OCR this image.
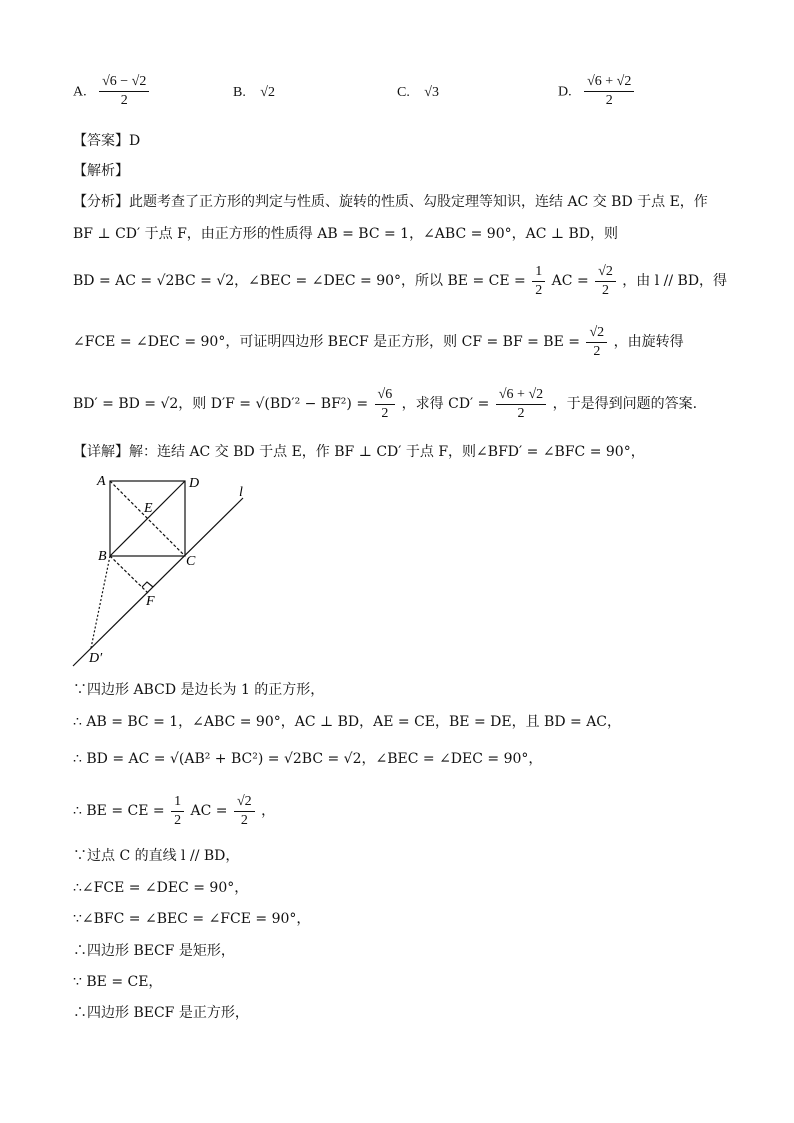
A. $\frac{√6 - √2}{2}$	B. √2	C. √3	D. $\frac{√6 + √2}{2}$
【答案】D
【解析】
【分析】此题考查了正方形的判定与性质、旋转的性质、勾股定理等知识，连结 AC 交 BD 于点 E，作
BF ⊥ CD′ 于点 F，由正方形的性质得 AB = BC = 1，∠ABC = 90°，AC ⊥ BD，则
BD = AC = √2BC = √2，∠BEC = ∠DEC = 90°，所以 BE = CE = $\frac{1}{2}$ AC = $\frac{√2}{2}$ ，由 l // BD，得
∠FCE = ∠DEC = 90°，可证明四边形 BECF 是正方形，则 CF = BF = BE = $\frac{√2}{2}$ ，由旋转得
BD′ = BD = √2，则 $D'F = √(BD'^2 - BF^2) = \frac{√6}{2}$ ，求得 $CD' = \frac{√6 + √2}{2}$ ，于是得到问题的答案.
【详解】解：连结 AC 交 BD 于点 E，作 BF ⊥ CD′ 于点 F，则∠BFD′ = ∠BFC = 90°，
A	D
E
l
B	C
F
D′
∵四边形 ABCD 是边长为 1 的正方形，
∴ AB = BC = 1，∠ABC = 90°，AC ⊥ BD，AE = CE，BE = DE，且 BD = AC，
∴ BD = AC = √(AB² + BC²) = √2BC = √2，∠BEC = ∠DEC = 90°，
∴ BE = CE = $\frac{1}{2}$ AC = $\frac{√2}{2}$ ，
∵过点 C 的直线 l // BD，
∴∠FCE = ∠DEC = 90°，
∵∠BFC = ∠BEC = ∠FCE = 90°，
∴四边形 BECF 是矩形，
∵ BE = CE，
∴四边形 BECF 是正方形，
